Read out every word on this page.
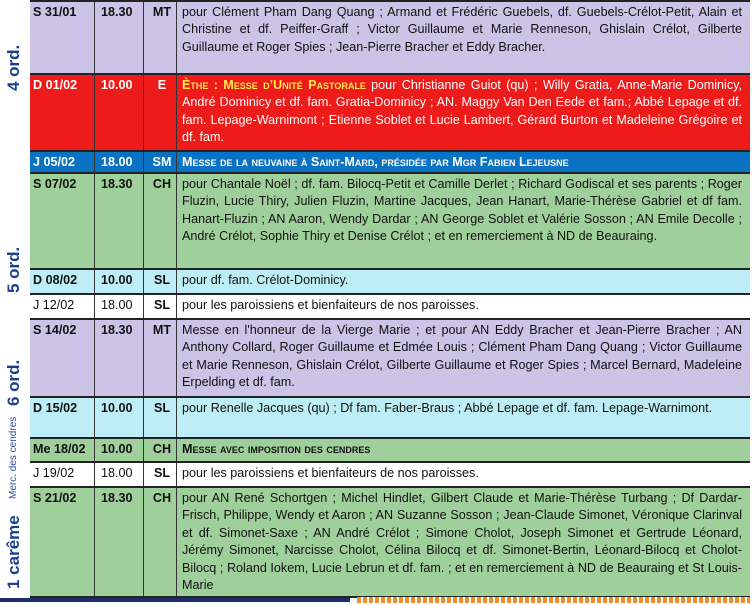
4 ord.
5 ord.
6 ord.
Merc. des cendres
1 carême
S 31/01	18.30	MT pour Clément Pham Dang Quang ; Armand et Frédéric Guebels, df. Guebels-Crélot-Petit, Alain et Christine et df. Peiffer-Graff ; Victor Guillaume et Marie Renneson, Ghislain Crélot, Gilberte Guillaume et Roger Spies ; Jean-Pierre Bracher et Eddy Bracher.
D 01/02	10.00	E	Èthe : Messe d’Unité Pastorale pour Christianne Guiot (qu) ; Willy Gratia, Anne-Marie Dominicy, André Dominicy et df. fam. Gratia-Dominicy ; AN. Maggy Van Den Eede et fam.; Abbé Lepage et df. fam. Lepage-Warnimont ; Etienne Soblet et Lucie Lambert, Gérard Burton et Madeleine Grégoire et df. fam.
J 05/02	18.00	SM Messe de la neuvaine à Saint-Mard, présidée par Mgr Fabien Lejeusne
S 07/02	18.30	CH pour Chantale Noël ; df. fam. Bilocq-Petit et Camille Derlet ; Richard Godiscal et ses parents ; Roger Fluzin, Lucie Thiry, Julien Fluzin, Martine Jacques, Jean Hanart, Marie-Thérèse Gabriel et df fam. Hanart-Fluzin ; AN Aaron, Wendy Dardar ; AN George Soblet et Valérie Sosson ; AN Emile Decolle ; André Crélot, Sophie Thiry et Denise Crélot ; et en remerciement à ND de Beauraing.
D 08/02	10.00	SL pour df. fam. Crélot-Dominicy.
J 12/02	18.00	SL pour les paroissiens et bienfaiteurs de nos paroisses.
S 14/02	18.30	MT Messe en l'honneur de la Vierge Marie ; et pour AN Eddy Bracher et Jean-Pierre Bracher ; AN Anthony Collard, Roger Guillaume et Edmée Louis ; Clément Pham Dang Quang ; Victor Guillaume et Marie Renneson, Ghislain Crélot, Gilberte Guillaume et Roger Spies ; Marcel Bernard, Madeleine Erpelding et df. fam.
D 15/02	10.00	SL pour Renelle Jacques (qu) ; Df fam. Faber-Braus ; Abbé Lepage et df. fam. Lepage-Warnimont.
Me 18/02	10.00	CH Messe avec imposition des cendres
J 19/02	18.00	SL pour les paroissiens et bienfaiteurs de nos paroisses.
S 21/02	18.30	CH pour AN René Schortgen ; Michel Hindlet, Gilbert Claude et Marie-Thérèse Turbang ; Df Dardar-Frisch, Philippe, Wendy et Aaron ; AN Suzanne Sosson ; Jean-Claude Simonet, Véronique Clarinval et df. Simonet-Saxe ; AN André Crélot ; Simone Cholot, Joseph Simonet et Gertrude Léonard, Jérémy Simonet, Narcisse Cholot, Célina Bilocq et df. Simonet-Bertin, Léonard-Bilocq et Cholot-Bilocq ; Roland Iokem, Lucie Lebrun et df. fam. ; et en remerciement à ND de Beauraing et St Louis-Marie
